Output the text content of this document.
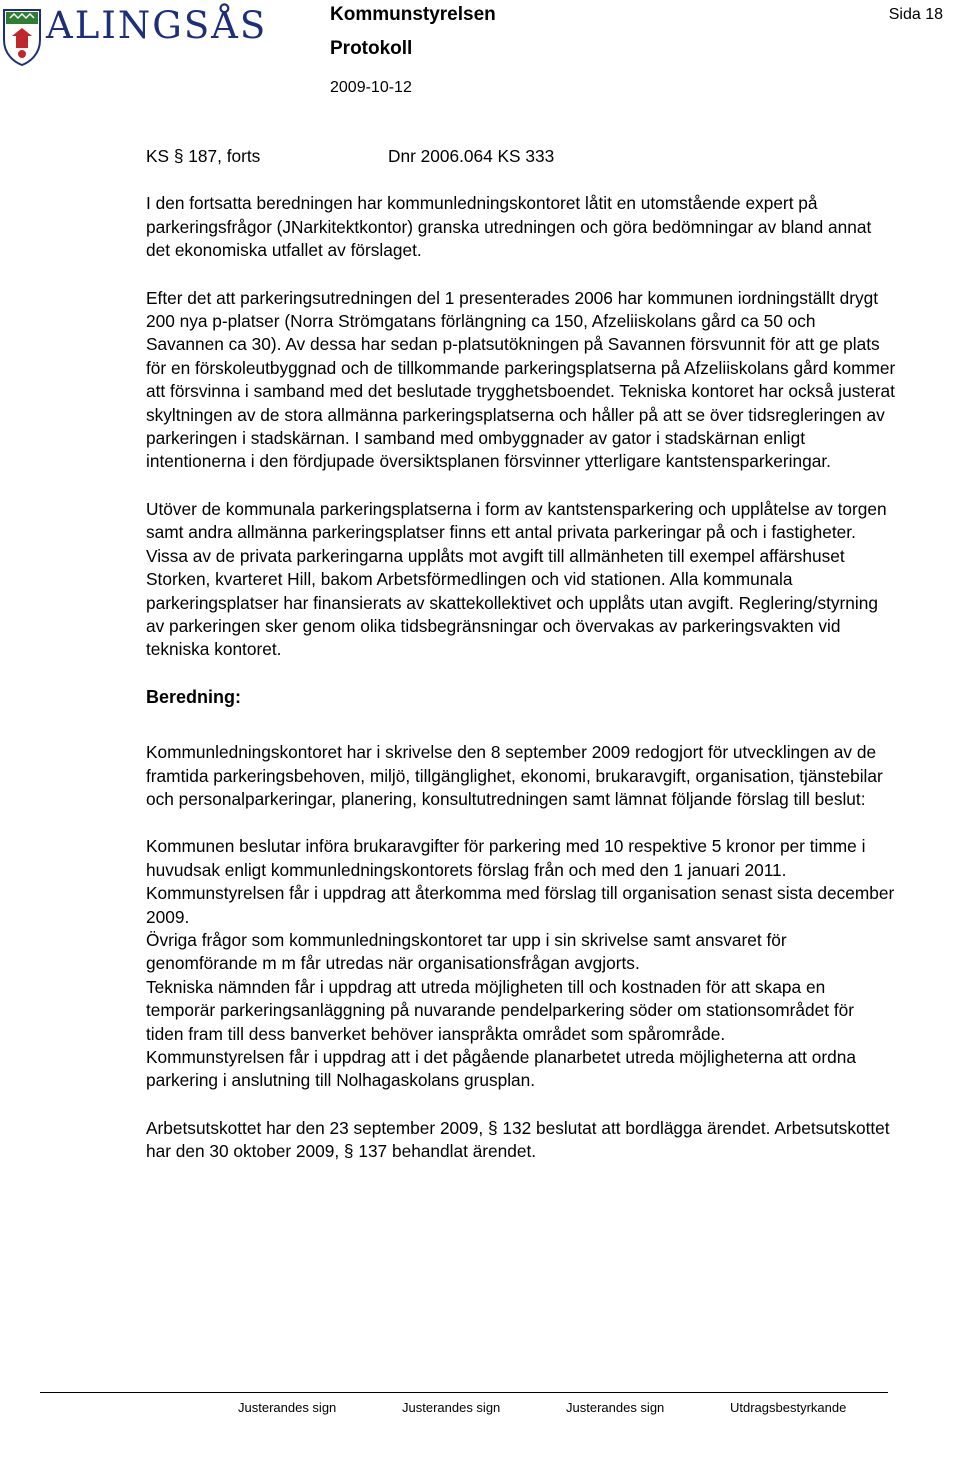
ALINGSÅS	Kommunstyrelsen
Protokoll
2009-10-12
Sida 18
KS § 187, forts	Dnr 2006.064 KS 333

I den fortsatta beredningen har kommunledningskontoret låtit en utomstående expert på parkeringsfrågor (JNarkitektkontor) granska utredningen och göra bedömningar av bland annat det ekonomiska utfallet av förslaget.

Efter det att parkeringsutredningen del 1 presenterades 2006 har kommunen iordningställt drygt 200 nya p-platser (Norra Strömgatans förlängning ca 150, Afzeliiskolans gård ca 50 och Savannen ca 30). Av dessa har sedan p-platsutökningen på Savannen försvunnit för att ge plats för en förskoleutbyggnad och de tillkommande parkeringsplatserna på Afzeliiskolans gård kommer att försvinna i samband med det beslutade trygghetsboendet. Tekniska kontoret har också justerat skyltningen av de stora allmänna parkeringsplatserna och håller på att se över tidsregleringen av parkeringen i stadskärnan. I samband med ombyggnader av gator i stadskärnan enligt intentionerna i den fördjupade översiktsplanen försvinner ytterligare kantstensparkeringar.

Utöver de kommunala parkeringsplatserna i form av kantstensparkering och upplåtelse av torgen samt andra allmänna parkeringsplatser finns ett antal privata parkeringar på och i fastigheter. Vissa av de privata parkeringarna upplåts mot avgift till allmänheten till exempel affärshuset Storken, kvarteret Hill, bakom Arbetsförmedlingen och vid stationen. Alla kommunala parkeringsplatser har finansierats av skattekollektivet och upplåts utan avgift. Reglering/styrning av parkeringen sker genom olika tidsbegränsningar och övervakas av parkeringsvakten vid tekniska kontoret.

Beredning:

Kommunledningskontoret har i skrivelse den 8 september 2009 redogjort för utvecklingen av de framtida parkeringsbehoven, miljö, tillgänglighet, ekonomi, brukaravgift, organisation, tjänstebilar och personalparkeringar, planering, konsultutredningen samt lämnat följande förslag till beslut:

Kommunen beslutar införa brukaravgifter för parkering med 10 respektive 5 kronor per timme i huvudsak enligt kommunledningskontorets förslag från och med den 1 januari 2011.

Kommunstyrelsen får i uppdrag att återkomma med förslag till organisation senast sista december 2009.

Övriga frågor som kommunledningskontoret tar upp i sin skrivelse samt ansvaret för genomförande m m får utredas när organisationsfrågan avgjorts.

Tekniska nämnden får i uppdrag att utreda möjligheten till och kostnaden för att skapa en temporär parkeringsanläggning på nuvarande pendelparkering söder om stationsområdet för tiden fram till dess banverket behöver ianspråkta området som spårområde.

Kommunstyrelsen får i uppdrag att i det pågående planarbetet utreda möjligheterna att ordna parkering i anslutning till Nolhagaskolans grusplan.

Arbetsutskottet har den 23 september 2009, § 132 beslutat att bordlägga ärendet. Arbetsutskottet har den 30 oktober 2009, § 137 behandlat ärendet.

Justerandes sign	Justerandes sign	Justerandes sign	Utdragsbestyrkande
